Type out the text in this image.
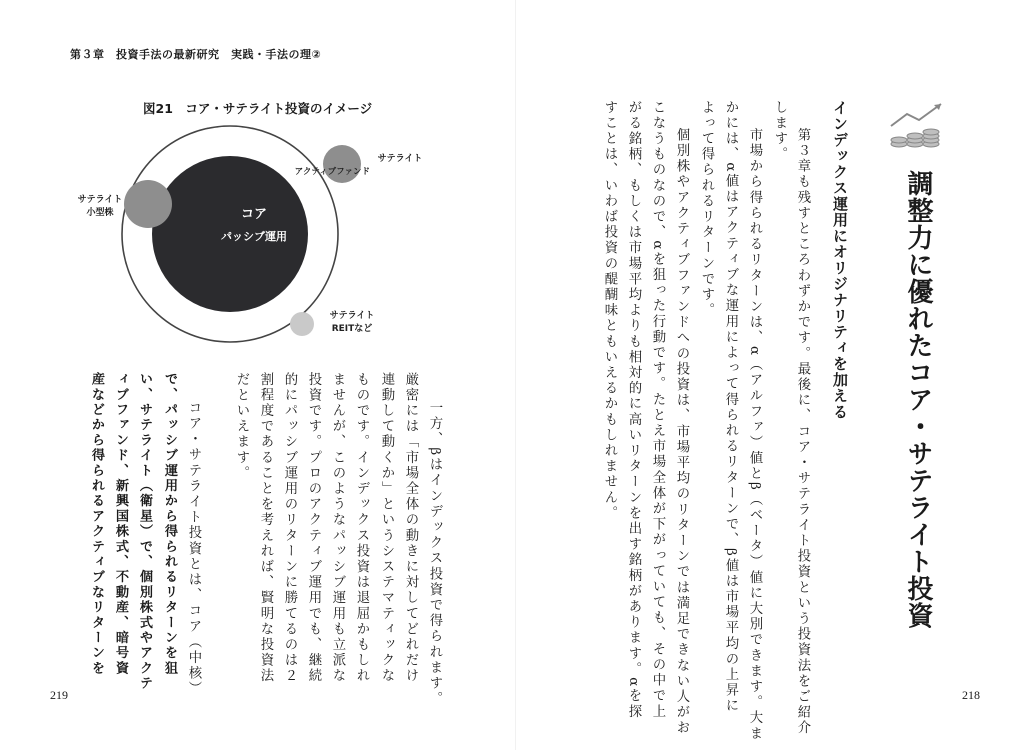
第３章　投資手法の最新研究　実践・手法の理②
219	218
図21　コア・サテライト投資のイメージ
コア
パッシブ運用
サテライト
小型株
サテライト
アクティブファンド
サテライト
REITなど	調整力に優れたコア・サテライト投資
インデックス運用にオリジナリティを加える
　第３章も残すところわずかです。最後に、コア・サテライト投資という投資法をご紹介
します。
　市場から得られるリターンは、α（アルファ）値とβ（ベータ）値に大別できます。大ま
かには、α値はアクティブな運用によって得られるリターンで、β値は市場平均の上昇に
よって得られるリターンです。
　個別株やアクティブファンドへの投資は、市場平均のリターンでは満足できない人がお
こなうものなので、αを狙った行動です。たとえ市場全体が下がっていても、その中で上
がる銘柄、もしくは市場平均よりも相対的に高いリターンを出す銘柄があります。αを探
すことは、いわば投資の醍醐味ともいえるかもしれません。
　一方、βはインデックス投資で得られます。
厳密には「市場全体の動きに対してどれだけ
連動して動くか」というシステマティックな
ものです。インデックス投資は退屈かもしれ
ませんが、このようなパッシブ運用も立派な
投資です。プロのアクティブ運用でも、継続
的にパッシブ運用のリターンに勝てるのは２
割程度であることを考えれば、賢明な投資法
だといえます。
　コア・サテライト投資とは、コア（中核）
で、パッシブ運用から得られるリターンを狙
い、サテライト（衛星）で、個別株式やアクテ
ィブファンド、新興国株式、不動産、暗号資
産などから得られるアクティブなリターンを
